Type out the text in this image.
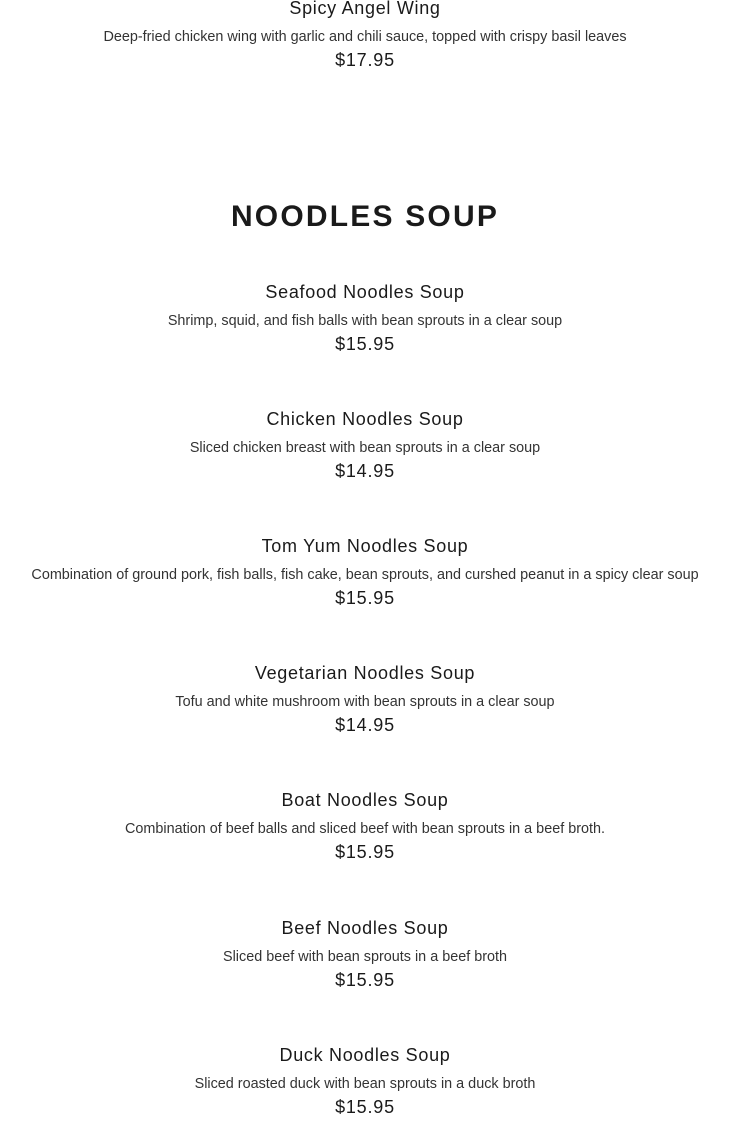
Spicy Angel Wing
Deep-fried chicken wing with garlic and chili sauce, topped with crispy basil leaves
$17.95
NOODLES SOUP
Seafood Noodles Soup
Shrimp, squid, and fish balls with bean sprouts in a clear soup
$15.95
Chicken Noodles Soup
Sliced chicken breast with bean sprouts in a clear soup
$14.95
Tom Yum Noodles Soup
Combination of ground pork, fish balls, fish cake, bean sprouts, and curshed peanut in a spicy clear soup
$15.95
Vegetarian Noodles Soup
Tofu and white mushroom with bean sprouts in a clear soup
$14.95
Boat Noodles Soup
Combination of beef balls and sliced beef with bean sprouts in a beef broth.
$15.95
Beef Noodles Soup
Sliced beef with bean sprouts in a beef broth
$15.95
Duck Noodles Soup
Sliced roasted duck with bean sprouts in a duck broth
$15.95
